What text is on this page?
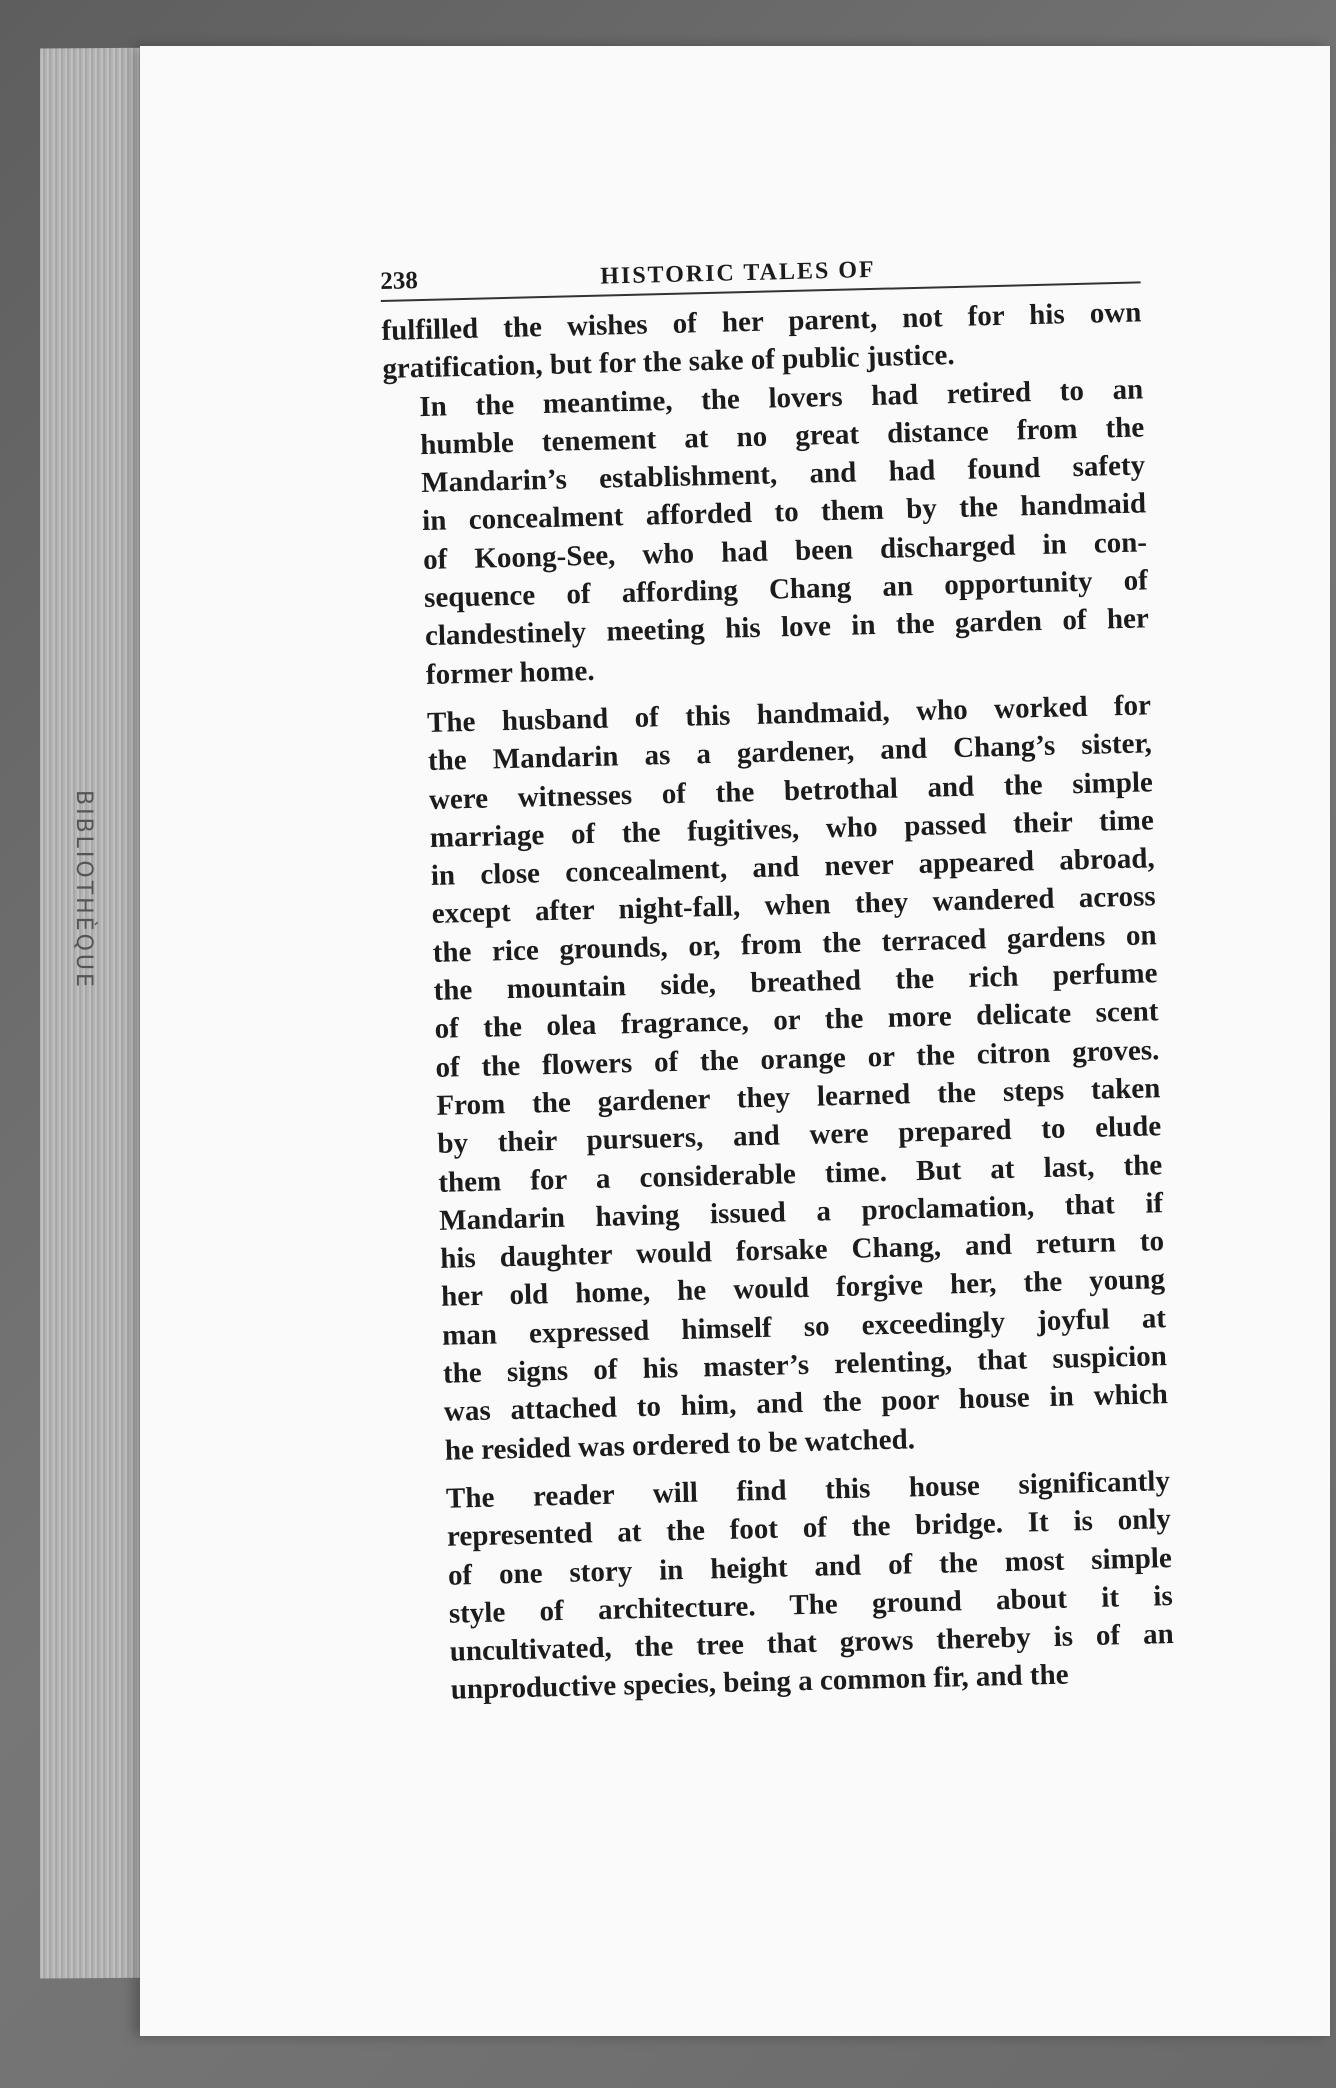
BIBLIOTHÈQUE
238	HISTORIC TALES OF
fulfilled the wishes of her parent, not for his own
gratification, but for the sake of public justice.
In the meantime, the lovers had retired to an
humble tenement at no great distance from the
Mandarin’s establishment, and had found safety
in concealment afforded to them by the handmaid
of Koong-See, who had been discharged in con-
sequence of affording Chang an opportunity of
clandestinely meeting his love in the garden of her
former home.
The husband of this handmaid, who worked for
the Mandarin as a gardener, and Chang’s sister,
were witnesses of the betrothal and the simple
marriage of the fugitives, who passed their time
in close concealment, and never appeared abroad,
except after night-fall, when they wandered across
the rice grounds, or, from the terraced gardens on
the mountain side, breathed the rich perfume
of the olea fragrance, or the more delicate scent
of the flowers of the orange or the citron groves.
From the gardener they learned the steps taken
by their pursuers, and were prepared to elude
them for a considerable time. But at last, the
Mandarin having issued a proclamation, that if
his daughter would forsake Chang, and return to
her old home, he would forgive her, the young
man expressed himself so exceedingly joyful at
the signs of his master’s relenting, that suspicion
was attached to him, and the poor house in which
he resided was ordered to be watched.
The reader will find this house significantly
represented at the foot of the bridge. It is only
of one story in height and of the most simple
style of architecture. The ground about it is
uncultivated, the tree that grows thereby is of an
unproductive species, being a common fir, and the
